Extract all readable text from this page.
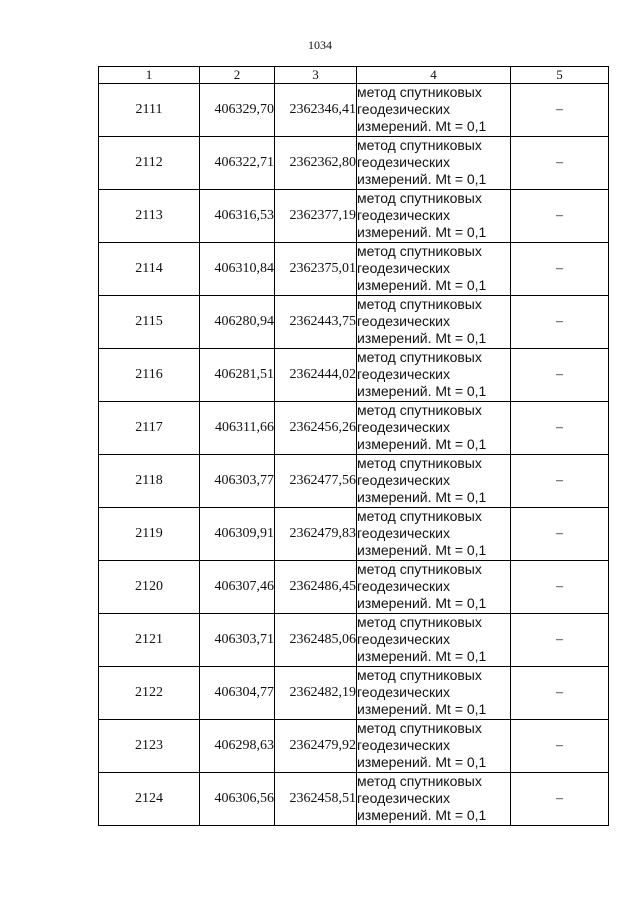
1034
1	2	3	4	5
2111	406329,70	2362346,41	метод спутниковых
геодезических
измерений. Mt = 0,1	–
2112	406322,71	2362362,80	метод спутниковых
геодезических
измерений. Mt = 0,1	–
2113	406316,53	2362377,19	метод спутниковых
геодезических
измерений. Mt = 0,1	–
2114	406310,84	2362375,01	метод спутниковых
геодезических
измерений. Mt = 0,1	–
2115	406280,94	2362443,75	метод спутниковых
геодезических
измерений. Mt = 0,1	–
2116	406281,51	2362444,02	метод спутниковых
геодезических
измерений. Mt = 0,1	–
2117	406311,66	2362456,26	метод спутниковых
геодезических
измерений. Mt = 0,1	–
2118	406303,77	2362477,56	метод спутниковых
геодезических
измерений. Mt = 0,1	–
2119	406309,91	2362479,83	метод спутниковых
геодезических
измерений. Mt = 0,1	–
2120	406307,46	2362486,45	метод спутниковых
геодезических
измерений. Mt = 0,1	–
2121	406303,71	2362485,06	метод спутниковых
геодезических
измерений. Mt = 0,1	–
2122	406304,77	2362482,19	метод спутниковых
геодезических
измерений. Mt = 0,1	–
2123	406298,63	2362479,92	метод спутниковых
геодезических
измерений. Mt = 0,1	–
2124	406306,56	2362458,51	метод спутниковых
геодезических
измерений. Mt = 0,1	–
